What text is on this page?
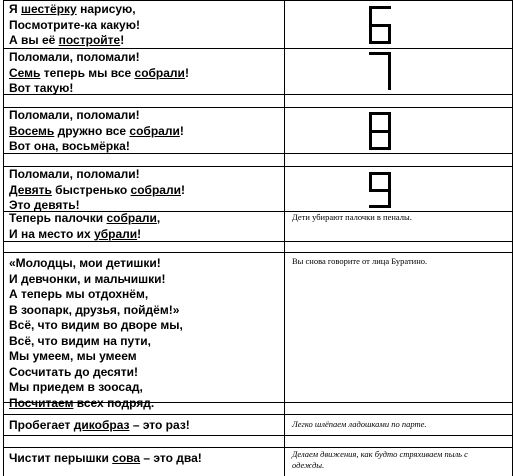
Я шестёрку нарисую,
Посмотрите-ка какую!
А вы её постройте!
Поломали, поломали!
Семь теперь мы все собрали!
Вот такую!
Поломали, поломали!
Восемь дружно все собрали!
Вот она, восьмёрка!
Поломали, поломали!
Девять быстренько собрали!
Это девять!
Теперь палочки собрали,
И на место их убрали!
«Молодцы, мои детишки!
И девчонки, и мальчишки!
А теперь мы отдохнём,
В зоопарк, друзья, пойдём!»
Всё, что видим во дворе мы,
Всё, что видим на пути,
Мы умеем, мы умеем
Сосчитать до десяти!
Мы приедем в зоосад,
Посчитаем всех подряд.
Пробегает дикобраз – это раз!
Чистит перышки сова – это два!
Дети убирают палочки в пеналы.
Вы снова говорите от лица Буратино.
Легко шлёпаем ладошками по парте.
Делаем движения, как будто стряхиваем пыль с одежды.
